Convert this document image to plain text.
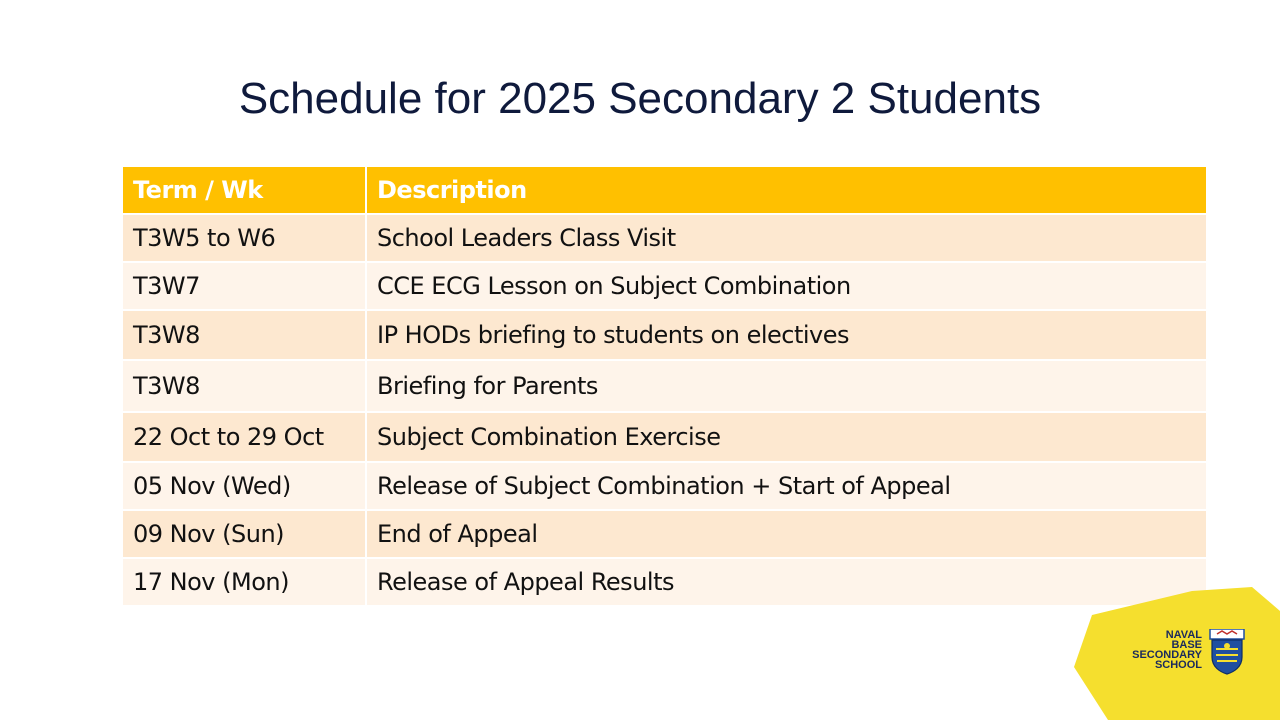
Schedule for 2025 Secondary 2 Students
Term / Wk	Description
T3W5 to W6	School Leaders Class Visit
T3W7	CCE ECG Lesson on Subject Combination
T3W8	IP HODs briefing to students on electives
T3W8	Briefing for Parents
22 Oct to 29 Oct	Subject Combination Exercise
05 Nov (Wed)	Release of Subject Combination + Start of Appeal
09 Nov (Sun)	End of Appeal
17 Nov (Mon)	Release of Appeal Results
NAVAL
BASE
SECONDARY
SCHOOL
